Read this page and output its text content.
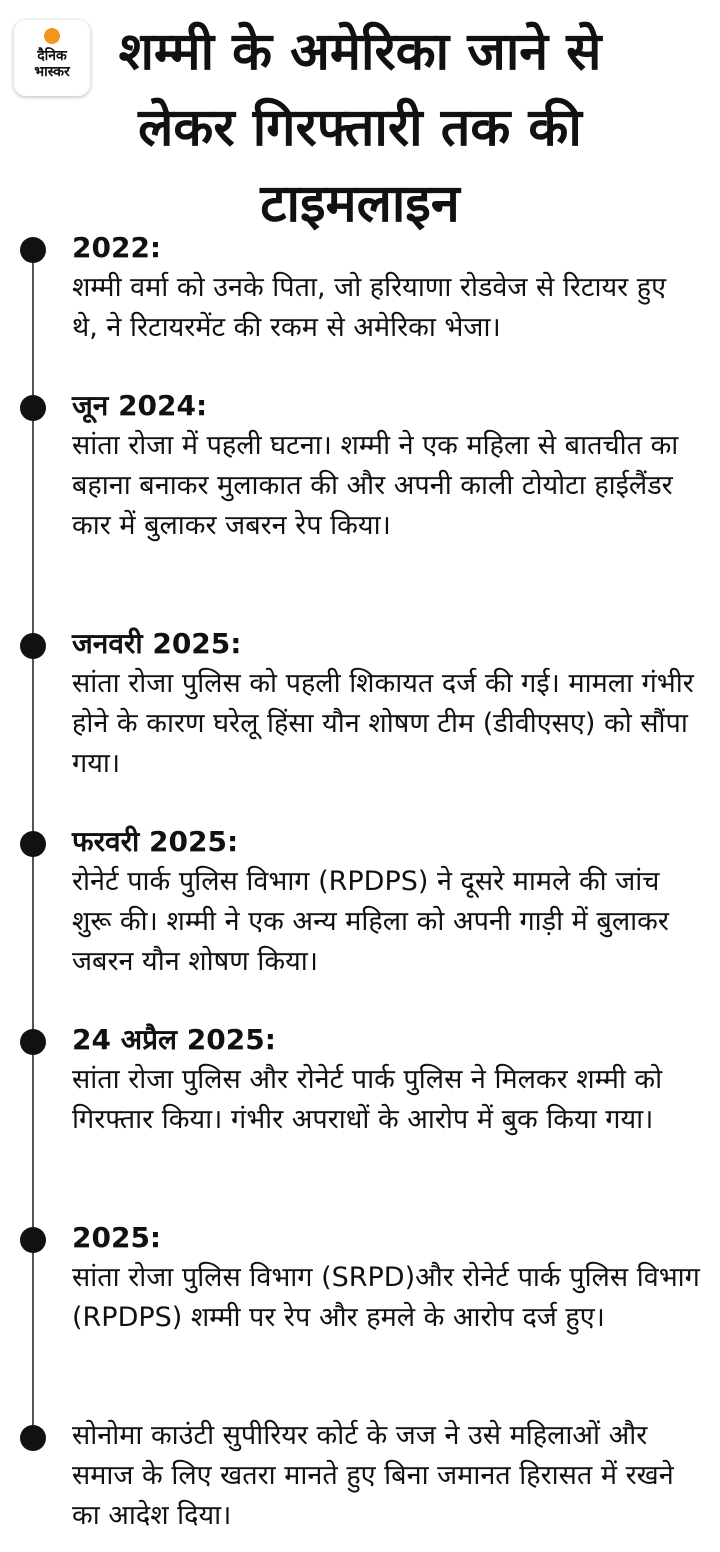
दैनिक
भास्कर शम्मी के अमेरिका जाने से लेकर गिरफ्तारी तक की टाइमलाइन
2022:
शम्मी वर्मा को उनके पिता, जो हरियाणा रोडवेज से रिटायर हुए थे, ने रिटायरमेंट की रकम से अमेरिका भेजा।
जून 2024:
सांता रोजा में पहली घटना। शम्मी ने एक महिला से बातचीत का बहाना बनाकर मुलाकात की और अपनी काली टोयोटा हाईलैंडर कार में बुलाकर जबरन रेप किया।
जनवरी 2025:
सांता रोजा पुलिस को पहली शिकायत दर्ज की गई। मामला गंभीर होने के कारण घरेलू हिंसा यौन शोषण टीम (डीवीएसए) को सौंपा गया।
फरवरी 2025:
रोनेर्ट पार्क पुलिस विभाग (RPDPS) ने दूसरे मामले की जांच शुरू की। शम्मी ने एक अन्य महिला को अपनी गाड़ी में बुलाकर जबरन यौन शोषण किया।
24 अप्रैल 2025:
सांता रोजा पुलिस और रोनेर्ट पार्क पुलिस ने मिलकर शम्मी को गिरफ्तार किया। गंभीर अपराधों के आरोप में बुक किया गया।
2025:
सांता रोजा पुलिस विभाग (SRPD)और रोनेर्ट पार्क पुलिस विभाग (RPDPS) शम्मी पर रेप और हमले के आरोप दर्ज हुए।
सोनोमा काउंटी सुपीरियर कोर्ट के जज ने उसे महिलाओं और समाज के लिए खतरा मानते हुए बिना जमानत हिरासत में रखने का आदेश दिया।
